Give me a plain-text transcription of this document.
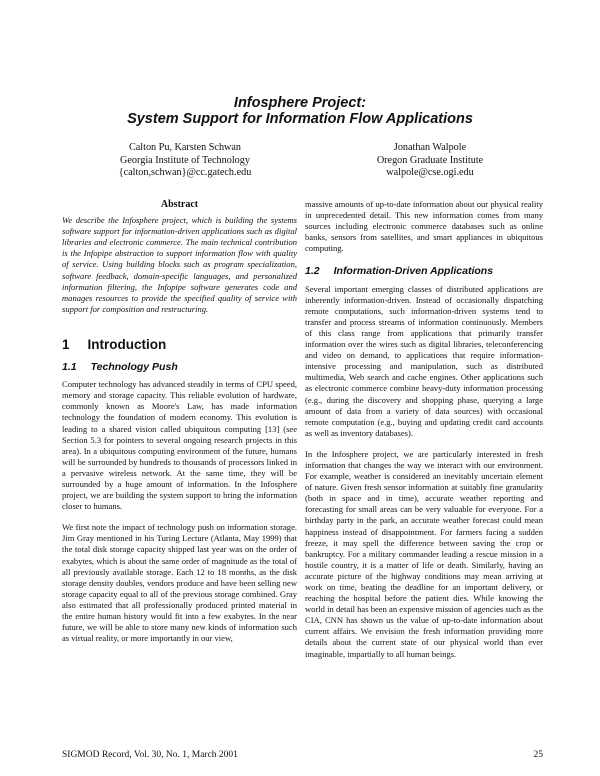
Infosphere Project:
System Support for Information Flow Applications
Calton Pu, Karsten Schwan
Georgia Institute of Technology
{calton,schwan}@cc.gatech.edu
Jonathan Walpole
Oregon Graduate Institute
walpole@cse.ogi.edu
Abstract

We describe the Infosphere project, which is building the systems software support for information-driven applications such as digital libraries and electronic commerce. The main technical contribution is the Infopipe abstraction to support information flow with quality of service. Using building blocks such as program specialization, software feedback, domain-specific languages, and personalized information filtering, the Infopipe software generates code and manages resources to provide the specified quality of service with support for composition and restructuring.

1 Introduction
1.1 Technology Push

Computer technology has advanced steadily in terms of CPU speed, memory and storage capacity. This reliable evolution of hardware, commonly known as Moore's Law, has made information technology the foundation of modern economy. This evolution is leading to a shared vision called ubiquitous computing [13] (see Section 5.3 for pointers to several ongoing research projects in this area). In a ubiquitous computing environment of the future, humans will be surrounded by hundreds to thousands of processors linked in a pervasive wireless network. At the same time, they will be surrounded by a huge amount of information. In the Infosphere project, we are building the system support to bring the information closer to humans.

We first note the impact of technology push on information storage. Jim Gray mentioned in his Turing Lecture (Atlanta, May 1999) that the total disk storage capacity shipped last year was on the order of exabytes, which is about the same order of magnitude as the total of all previously available storage. Each 12 to 18 months, as the disk storage density doubles, vendors produce and have been selling new storage capacity equal to all of the previous storage combined. Gray also estimated that all professionally produced printed material in the entire human history would fit into a few exabytes. In the near future, we will be able to store many new kinds of information such as virtual reality, or more importantly in our view,

massive amounts of up-to-date information about our physical reality in unprecedented detail. This new information comes from many sources including electronic commerce databases such as online banks, sensors from satellites, and smart appliances in ubiquitous computing.

1.2 Information-Driven Applications

Several important emerging classes of distributed applications are inherently information-driven. Instead of occasionally dispatching remote computations, such information-driven systems tend to transfer and process streams of information continuously. Members of this class range from applications that primarily transfer information over the wires such as digital libraries, teleconferencing and video on demand, to applications that require information-intensive processing and manipulation, such as distributed multimedia, Web search and cache engines. Other applications such as electronic commerce combine heavy-duty information processing (e.g., during the discovery and shopping phase, querying a large amount of data from a variety of data sources) with occasional remote computation (e.g., buying and updating credit card accounts as well as inventory databases).

In the Infosphere project, we are particularly interested in fresh information that changes the way we interact with our environment. For example, weather is considered an inevitably uncertain element of nature. Given fresh sensor information at suitably fine granularity (both in space and in time), accurate weather reporting and forecasting for small areas can be very valuable for everyone. For a birthday party in the park, an accurate weather forecast could mean happiness instead of disappointment. For farmers facing a sudden freeze, it may spell the difference between saving the crop or bankruptcy. For a military commander leading a rescue mission in a hostile country, it is a matter of life or death. Similarly, having an accurate picture of the highway conditions may mean arriving at work on time, beating the deadline for an important delivery, or reaching the hospital before the patient dies. While knowing the world in detail has been an expensive mission of agencies such as the CIA, CNN has shown us the value of up-to-date information about current affairs. We envision the fresh information providing more details about the current state of our physical world than ever imaginable, impartially to all human beings.

SIGMOD Record, Vol. 30, No. 1, March 2001	25
